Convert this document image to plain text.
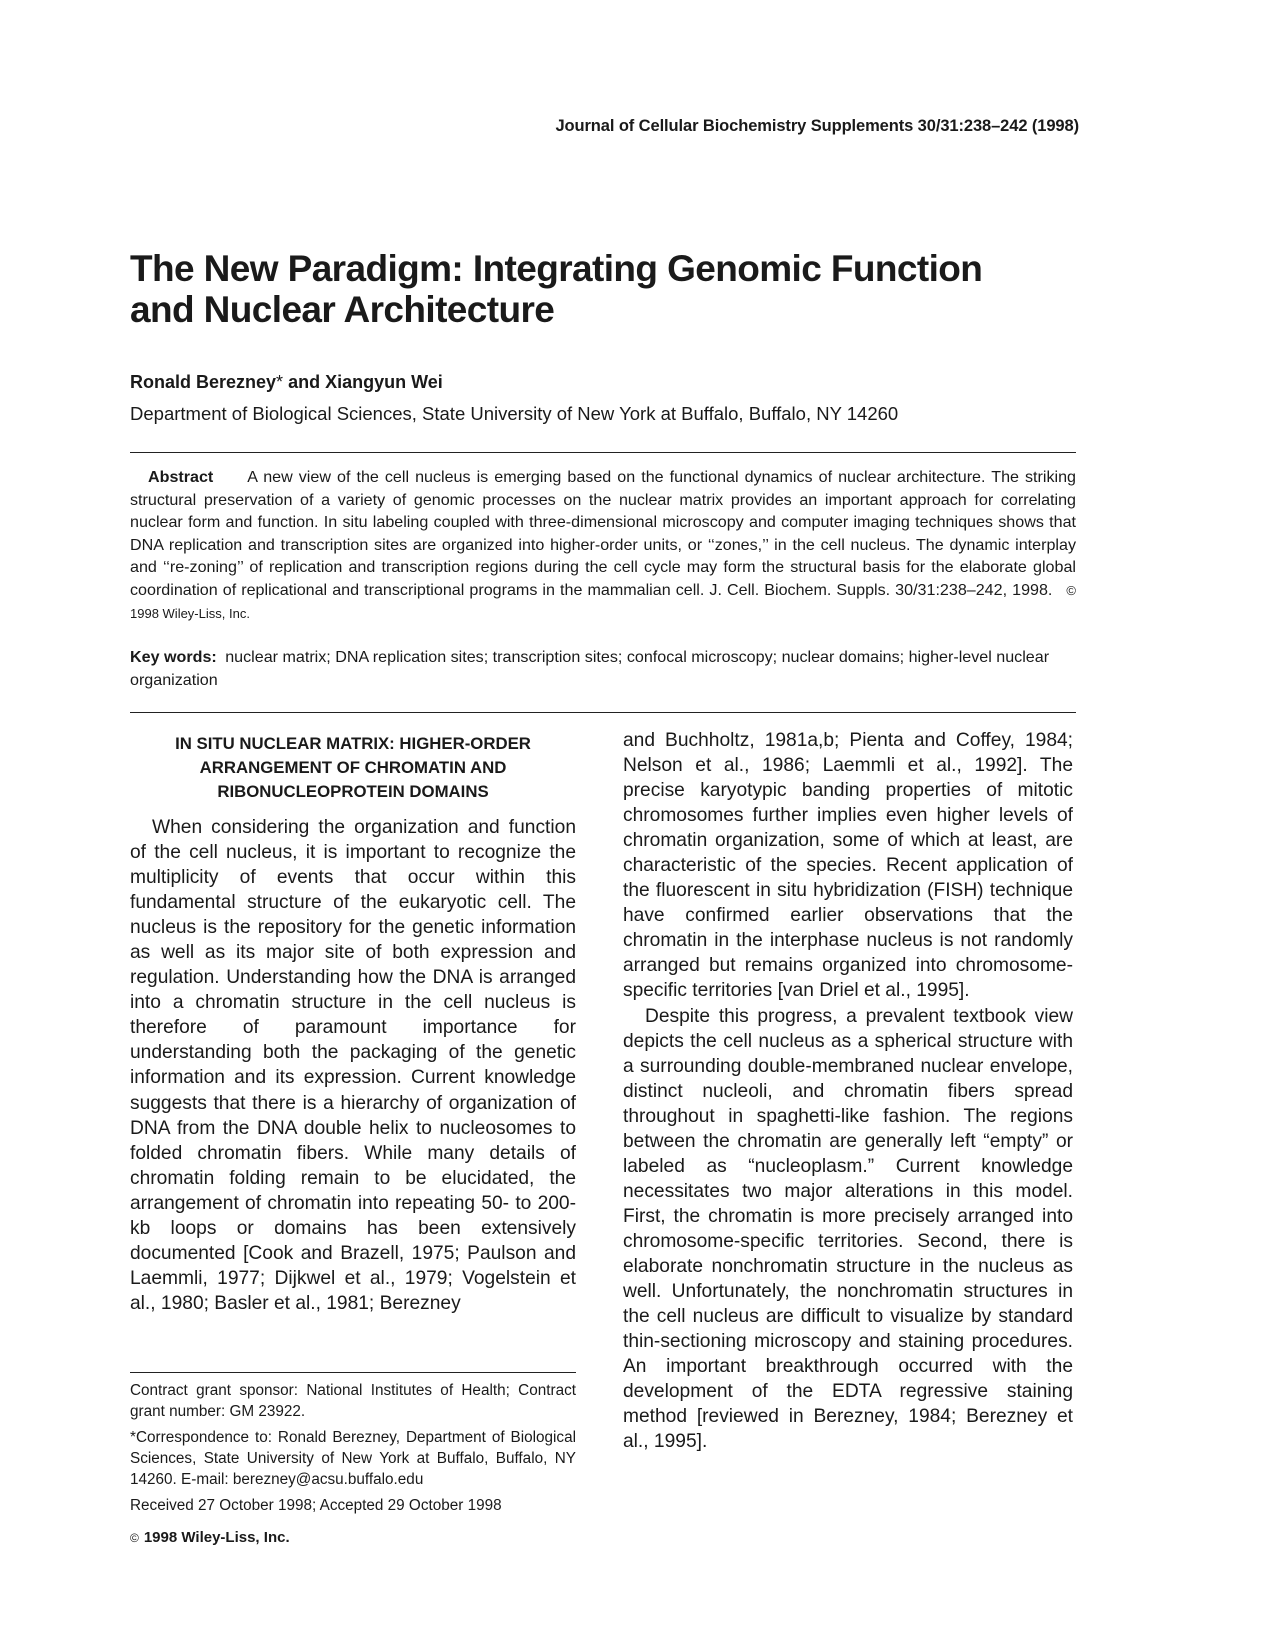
Journal of Cellular Biochemistry Supplements 30/31:238–242 (1998)
The New Paradigm: Integrating Genomic Function
and Nuclear Architecture
Ronald Berezney* and Xiangyun Wei
Department of Biological Sciences, State University of New York at Buffalo, Buffalo, NY 14260
Abstract A new view of the cell nucleus is emerging based on the functional dynamics of nuclear architecture. The striking structural preservation of a variety of genomic processes on the nuclear matrix provides an important approach for correlating nuclear form and function. In situ labeling coupled with three-dimensional microscopy and computer imaging techniques shows that DNA replication and transcription sites are organized into higher-order units, or ‘‘zones,’’ in the cell nucleus. The dynamic interplay and ‘‘re-zoning’’ of replication and transcription regions during the cell cycle may form the structural basis for the elaborate global coordination of replicational and transcriptional programs in the mammalian cell. J. Cell. Biochem. Suppls. 30/31:238–242, 1998. © 1998 Wiley-Liss, Inc.
Key words: nuclear matrix; DNA replication sites; transcription sites; confocal microscopy; nuclear domains; higher-level nuclear organization
IN SITU NUCLEAR MATRIX: HIGHER-ORDER
ARRANGEMENT OF CHROMATIN AND
RIBONUCLEOPROTEIN DOMAINS

When considering the organization and function of the cell nucleus, it is important to recognize the multiplicity of events that occur within this fundamental structure of the eukaryotic cell. The nucleus is the repository for the genetic information as well as its major site of both expression and regulation. Understanding how the DNA is arranged into a chromatin structure in the cell nucleus is therefore of paramount importance for understanding both the packaging of the genetic information and its expression. Current knowledge suggests that there is a hierarchy of organization of DNA from the DNA double helix to nucleosomes to folded chromatin fibers. While many details of chromatin folding remain to be elucidated, the arrangement of chromatin into repeating 50- to 200-kb loops or domains has been extensively documented [Cook and Brazell, 1975; Paulson and Laemmli, 1977; Dijkwel et al., 1979; Vogelstein et al., 1980; Basler et al., 1981; Berezney

and Buchholtz, 1981a,b; Pienta and Coffey, 1984; Nelson et al., 1986; Laemmli et al., 1992]. The precise karyotypic banding properties of mitotic chromosomes further implies even higher levels of chromatin organization, some of which at least, are characteristic of the species. Recent application of the fluorescent in situ hybridization (FISH) technique have confirmed earlier observations that the chromatin in the interphase nucleus is not randomly arranged but remains organized into chromosome-specific territories [van Driel et al., 1995].

Despite this progress, a prevalent textbook view depicts the cell nucleus as a spherical structure with a surrounding double-membraned nuclear envelope, distinct nucleoli, and chromatin fibers spread throughout in spaghetti-like fashion. The regions between the chromatin are generally left “empty” or labeled as “nucleoplasm.” Current knowledge necessitates two major alterations in this model. First, the chromatin is more precisely arranged into chromosome-specific territories. Second, there is elaborate nonchromatin structure in the nucleus as well. Unfortunately, the nonchromatin structures in the cell nucleus are difficult to visualize by standard thin-sectioning microscopy and staining procedures. An important breakthrough occurred with the development of the EDTA regressive staining method [reviewed in Berezney, 1984; Berezney et al., 1995].

Contract grant sponsor: National Institutes of Health; Contract grant number: GM 23922.

*Correspondence to: Ronald Berezney, Department of Biological Sciences, State University of New York at Buffalo, Buffalo, NY 14260. E-mail: berezney@acsu.buffalo.edu

Received 27 October 1998; Accepted 29 October 1998

© 1998 Wiley-Liss, Inc.
